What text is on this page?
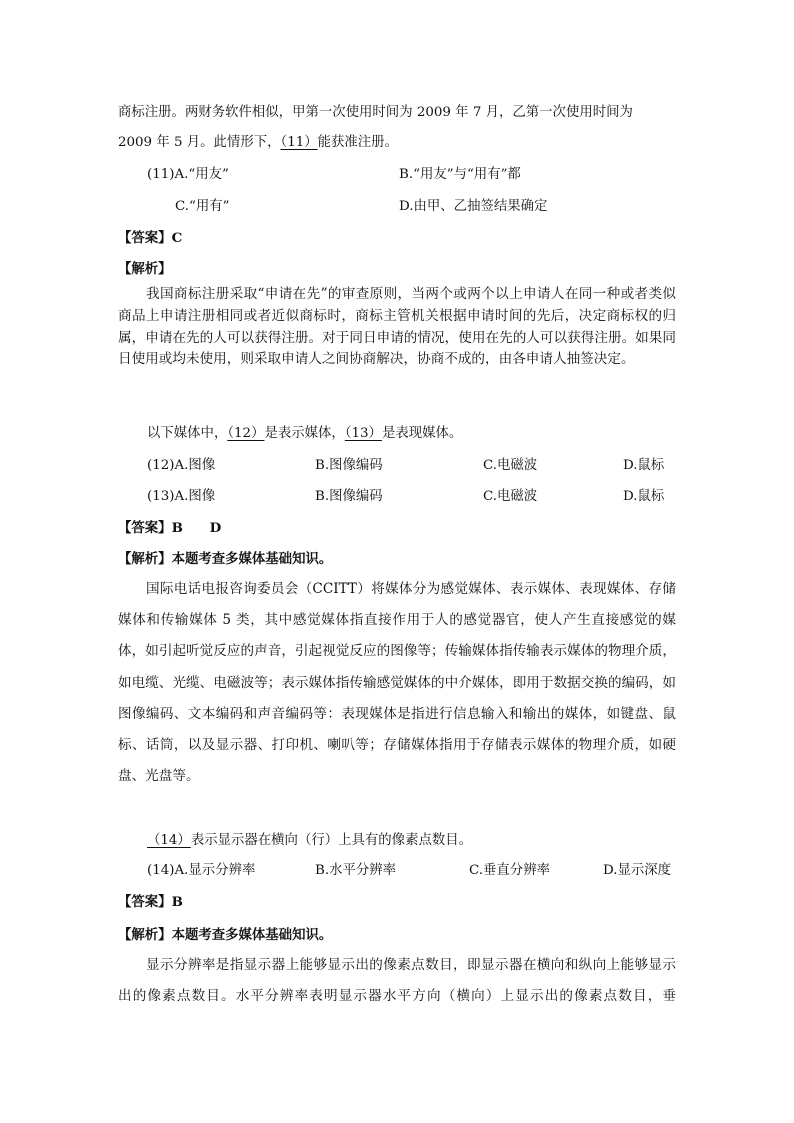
商标注册。两财务软件相似，甲第一次使用时间为 2009 年 7 月，乙第一次使用时间为
2009 年 5 月。此情形下，（11）能获准注册。
(11)A.“用友”	B.“用友”与“用有”都
C.“用有”	D.由甲、乙抽签结果确定
【答案】C
【解析】
我国商标注册采取“申请在先”的审查原则，当两个或两个以上申请人在同一种或者类似商品上申请注册相同或者近似商标时，商标主管机关根据申请时间的先后，决定商标权的归属，申请在先的人可以获得注册。对于同日申请的情况，使用在先的人可以获得注册。如果同日使用或均未使用，则采取申请人之间协商解决，协商不成的，由各申请人抽签决定。
以下媒体中，（12）是表示媒体，（13）是表现媒体。
(12)A.图像	B.图像编码	C.电磁波	D.鼠标
(13)A.图像	B.图像编码	C.电磁波	D.鼠标
【答案】B　　D
【解析】本题考查多媒体基础知识。
国际电话电报咨询委员会（CCITT）将媒体分为感觉媒体、表示媒体、表现媒体、存储媒体和传输媒体 5 类，其中感觉媒体指直接作用于人的感觉器官，使人产生直接感觉的媒体，如引起听觉反应的声音，引起视觉反应的图像等；传输媒体指传输表示媒体的物理介质，如电缆、光缆、电磁波等；表示媒体指传输感觉媒体的中介媒体，即用于数据交换的编码，如图像编码、文本编码和声音编码等：表现媒体是指进行信息输入和输出的媒体，如键盘、鼠标、话筒，以及显示器、打印机、喇叭等；存储媒体指用于存储表示媒体的物理介质，如硬盘、光盘等。
（14）表示显示器在横向（行）上具有的像素点数目。
(14)A.显示分辨率	B.水平分辨率	C.垂直分辨率	D.显示深度
【答案】B
【解析】本题考查多媒体基础知识。
显示分辨率是指显示器上能够显示出的像素点数目，即显示器在横向和纵向上能够显示出的像素点数目。水平分辨率表明显示器水平方向（横向）上显示出的像素点数目，垂
